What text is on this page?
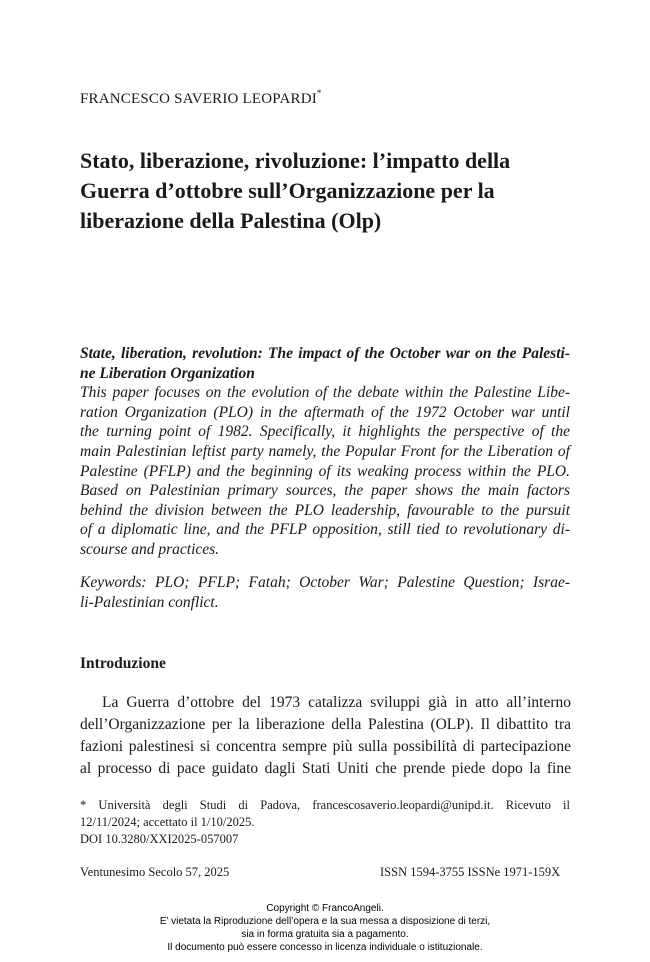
FRANCESCO SAVERIO LEOPARDI*
Stato, liberazione, rivoluzione: l’impatto della
Guerra d’ottobre sull’Organizzazione per la
liberazione della Palestina (Olp)
State, liberation, revolution: The impact of the October war on the Palesti-
ne Liberation Organization
This paper focuses on the evolution of the debate within the Palestine Libe-
ration Organization (PLO) in the aftermath of the 1972 October war until
the turning point of 1982. Specifically, it highlights the perspective of the
main Palestinian leftist party namely, the Popular Front for the Liberation of
Palestine (PFLP) and the beginning of its weaking process within the PLO.
Based on Palestinian primary sources, the paper shows the main factors
behind the division between the PLO leadership, favourable to the pursuit
of a diplomatic line, and the PFLP opposition, still tied to revolutionary di-
scourse and practices.
Keywords: PLO; PFLP; Fatah; October War; Palestine Question; Israe-
li-Palestinian conflict.
Introduzione
La Guerra d’ottobre del 1973 catalizza sviluppi già in atto all’interno
dell’Organizzazione per la liberazione della Palestina (OLP). Il dibattito tra
fazioni palestinesi si concentra sempre più sulla possibilità di partecipazione
al processo di pace guidato dagli Stati Uniti che prende piede dopo la fine
* Università degli Studi di Padova, francescosaverio.leopardi@unipd.it. Ricevuto il
12/11/2024; accettato il 1/10/2025.
DOI 10.3280/XXI2025-057007
Ventunesimo Secolo 57, 2025	ISSN 1594-3755 ISSNe 1971-159X
Copyright © FrancoAngeli.
E’ vietata la Riproduzione dell’opera e la sua messa a disposizione di terzi,
sia in forma gratuita sia a pagamento.
Il documento può essere concesso in licenza individuale o istituzionale.
